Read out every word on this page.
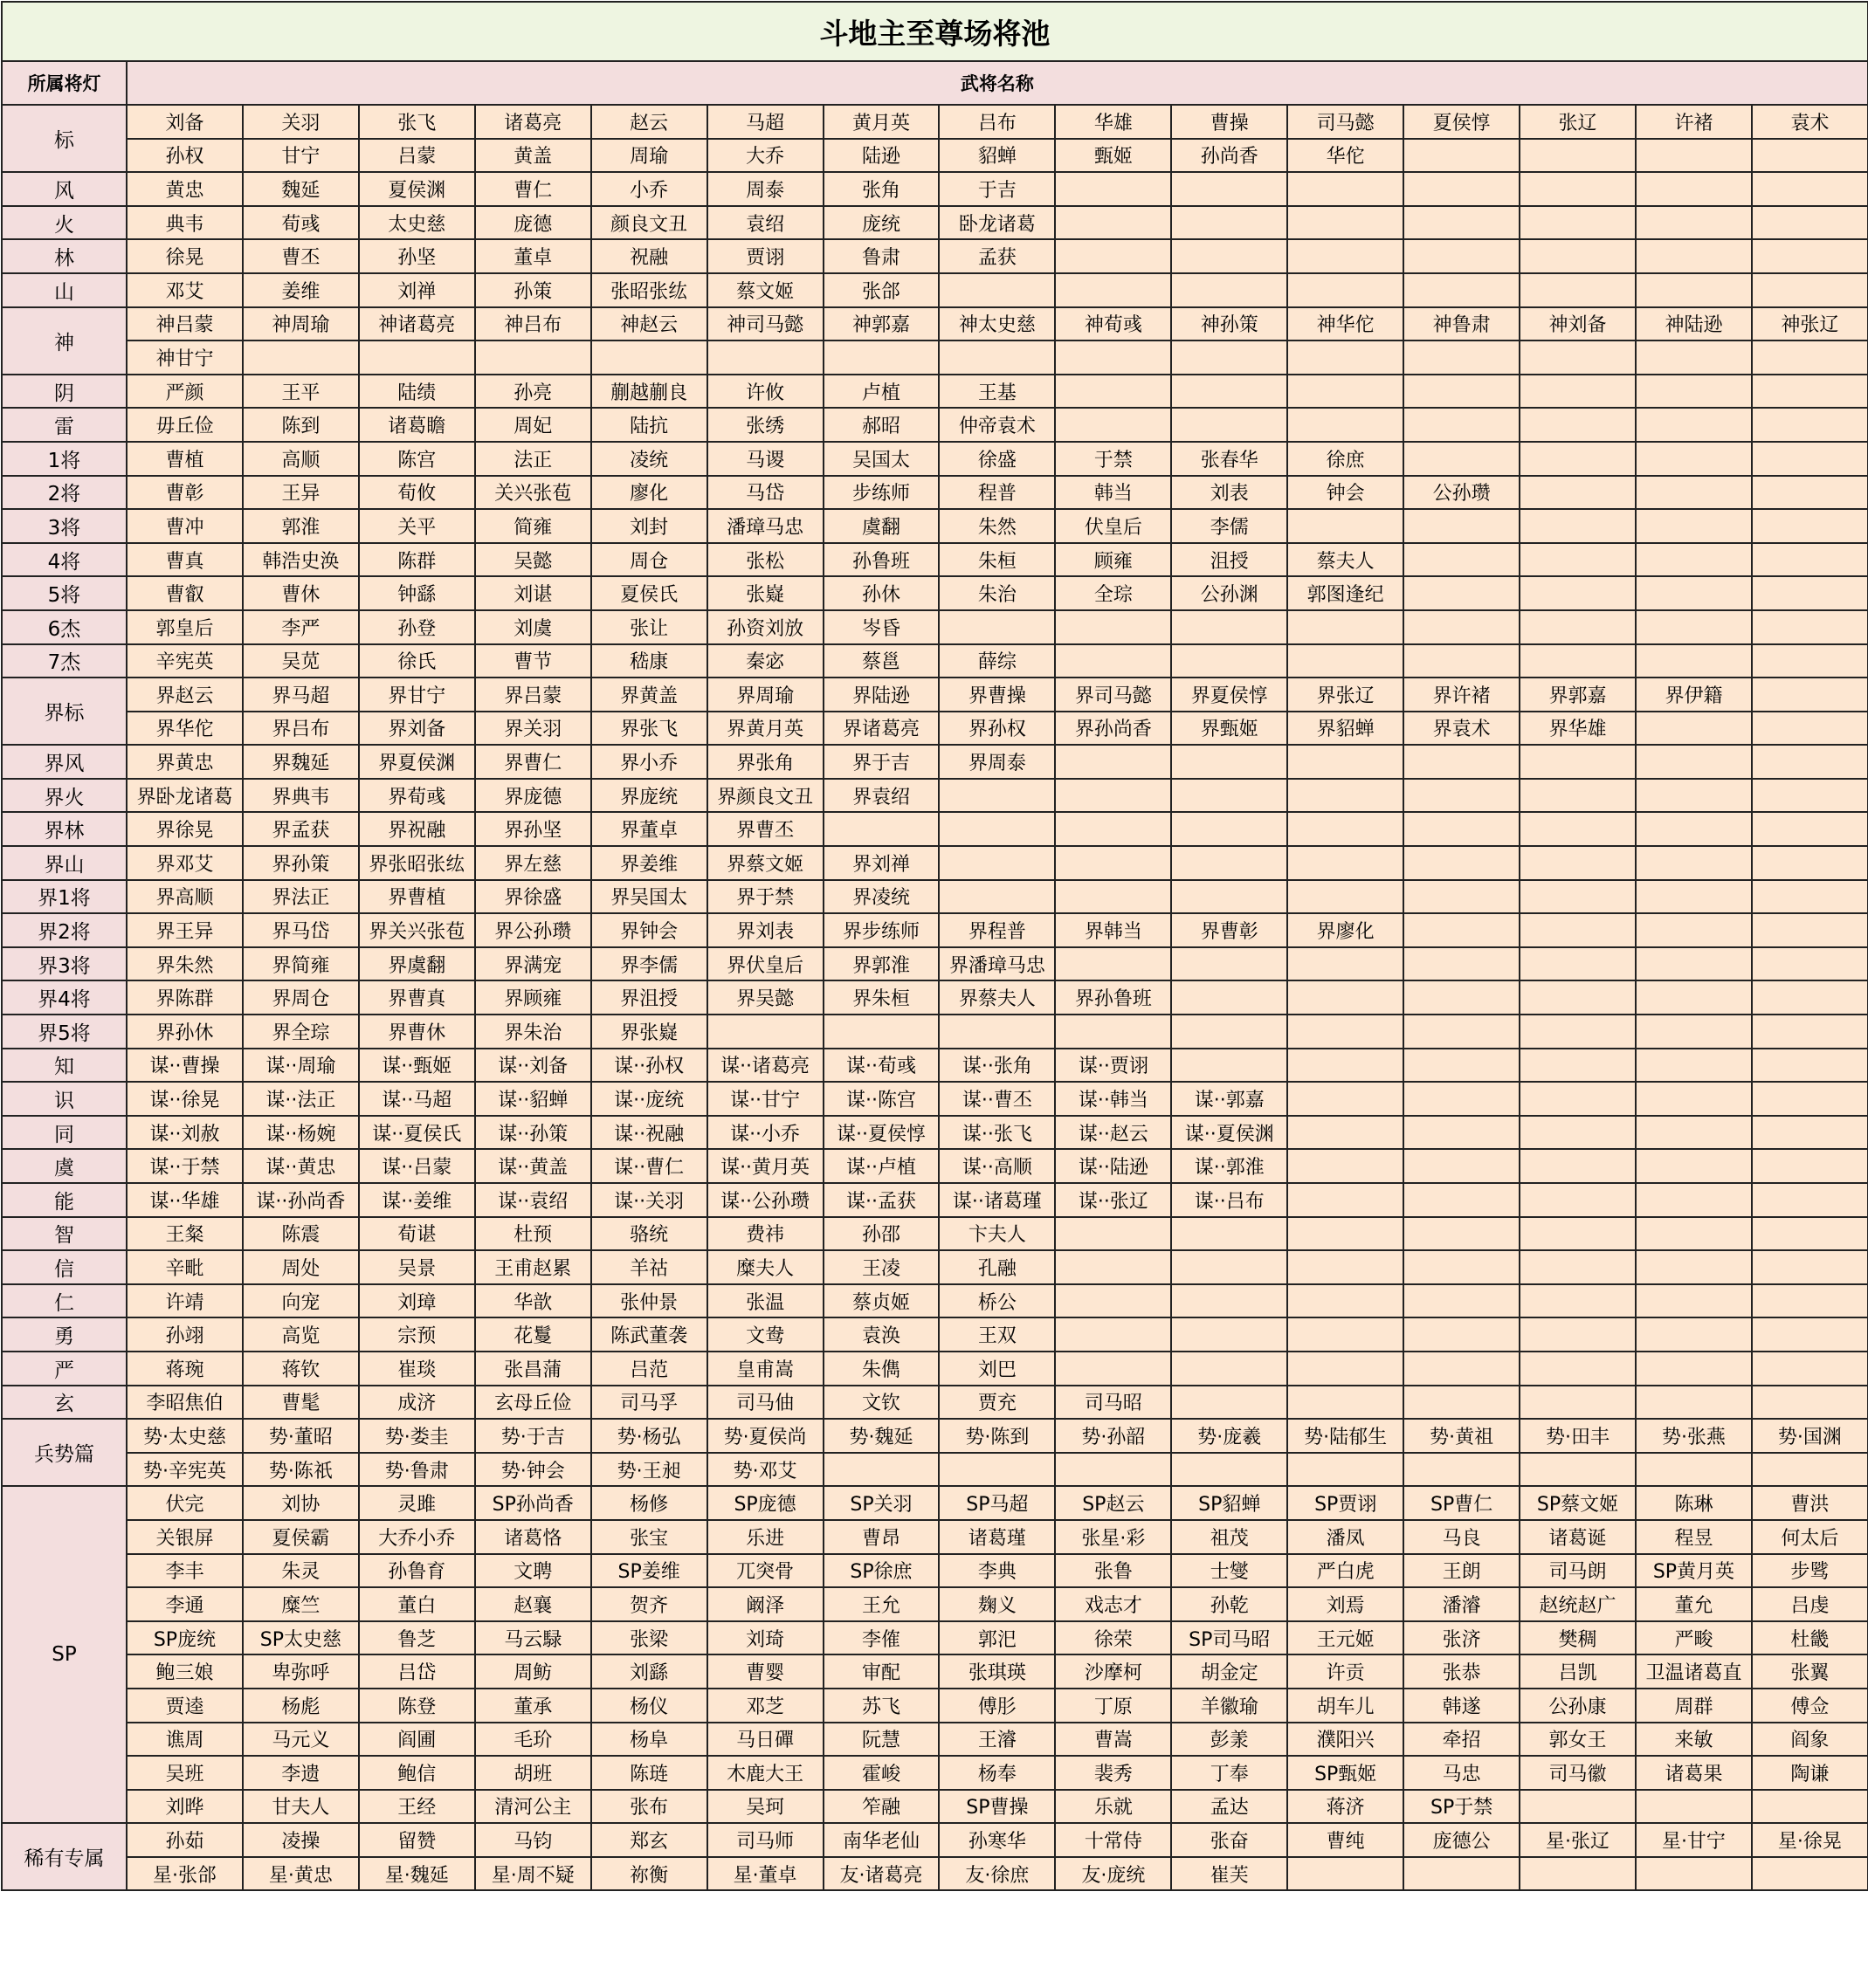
斗地主至尊场将池															
所属将灯	武将名称														
标	刘备	关羽	张飞	诸葛亮	赵云	马超	黄月英	吕布	华雄	曹操	司马懿	夏侯惇	张辽	许褚	袁术
	孙权	甘宁	吕蒙	黄盖	周瑜	大乔	陆逊	貂蝉	甄姬	孙尚香	华佗				
风	黄忠	魏延	夏侯渊	曹仁	小乔	周泰	张角	于吉							
火	典韦	荀彧	太史慈	庞德	颜良文丑	袁绍	庞统	卧龙诸葛							
林	徐晃	曹丕	孙坚	董卓	祝融	贾诩	鲁肃	孟获							
山	邓艾	姜维	刘禅	孙策	张昭张纮	蔡文姬	张郃								
神	神吕蒙	神周瑜	神诸葛亮	神吕布	神赵云	神司马懿	神郭嘉	神太史慈	神荀彧	神孙策	神华佗	神鲁肃	神刘备	神陆逊	神张辽
	神甘宁														
阴	严颜	王平	陆绩	孙亮	蒯越蒯良	许攸	卢植	王基							
雷	毋丘俭	陈到	诸葛瞻	周妃	陆抗	张绣	郝昭	仲帝袁术							
1将	曹植	高顺	陈宫	法正	凌统	马谡	吴国太	徐盛	于禁	张春华	徐庶				
2将	曹彰	王异	荀攸	关兴张苞	廖化	马岱	步练师	程普	韩当	刘表	钟会	公孙瓒			
3将	曹冲	郭淮	关平	简雍	刘封	潘璋马忠	虞翻	朱然	伏皇后	李儒					
4将	曹真	韩浩史涣	陈群	吴懿	周仓	张松	孙鲁班	朱桓	顾雍	沮授	蔡夫人				
5将	曹叡	曹休	钟繇	刘谌	夏侯氏	张嶷	孙休	朱治	全琮	公孙渊	郭图逢纪				
6杰	郭皇后	李严	孙登	刘虞	张让	孙资刘放	岑昏								
7杰	辛宪英	吴苋	徐氏	曹节	嵇康	秦宓	蔡邕	薛综							
界标	界赵云	界马超	界甘宁	界吕蒙	界黄盖	界周瑜	界陆逊	界曹操	界司马懿	界夏侯惇	界张辽	界许褚	界郭嘉	界伊籍	
	界华佗	界吕布	界刘备	界关羽	界张飞	界黄月英	界诸葛亮	界孙权	界孙尚香	界甄姬	界貂蝉	界袁术	界华雄		
界风	界黄忠	界魏延	界夏侯渊	界曹仁	界小乔	界张角	界于吉	界周泰							
界火	界卧龙诸葛	界典韦	界荀彧	界庞德	界庞统	界颜良文丑	界袁绍								
界林	界徐晃	界孟获	界祝融	界孙坚	界董卓	界曹丕									
界山	界邓艾	界孙策	界张昭张纮	界左慈	界姜维	界蔡文姬	界刘禅								
界1将	界高顺	界法正	界曹植	界徐盛	界吴国太	界于禁	界凌统								
界2将	界王异	界马岱	界关兴张苞	界公孙瓒	界钟会	界刘表	界步练师	界程普	界韩当	界曹彰	界廖化				
界3将	界朱然	界简雍	界虞翻	界满宠	界李儒	界伏皇后	界郭淮	界潘璋马忠							
界4将	界陈群	界周仓	界曹真	界顾雍	界沮授	界吴懿	界朱桓	界蔡夫人	界孙鲁班						
界5将	界孙休	界全琮	界曹休	界朱治	界张嶷										
知	谋··曹操	谋··周瑜	谋··甄姬	谋··刘备	谋··孙权	谋··诸葛亮	谋··荀彧	谋··张角	谋··贾诩						
识	谋··徐晃	谋··法正	谋··马超	谋··貂蝉	谋··庞统	谋··甘宁	谋··陈宫	谋··曹丕	谋··韩当	谋··郭嘉					
同	谋··刘赦	谋··杨婉	谋··夏侯氏	谋··孙策	谋··祝融	谋··小乔	谋··夏侯惇	谋··张飞	谋··赵云	谋··夏侯渊					
虞	谋··于禁	谋··黄忠	谋··吕蒙	谋··黄盖	谋··曹仁	谋··黄月英	谋··卢植	谋··高顺	谋··陆逊	谋··郭淮					
能	谋··华雄	谋··孙尚香	谋··姜维	谋··袁绍	谋··关羽	谋··公孙瓒	谋··孟获	谋··诸葛瑾	谋··张辽	谋··吕布					
智	王粲	陈震	荀谌	杜预	骆统	费祎	孙邵	卞夫人							
信	辛毗	周处	吴景	王甫赵累	羊祜	糜夫人	王凌	孔融							
仁	许靖	向宠	刘璋	华歆	张仲景	张温	蔡贞姬	桥公							
勇	孙翊	高览	宗预	花鬘	陈武董袭	文鸯	袁涣	王双							
严	蒋琬	蒋钦	崔琰	张昌蒲	吕范	皇甫嵩	朱儁	刘巴							
玄	李昭焦伯	曹髦	成济	玄母丘俭	司马孚	司马伷	文钦	贾充	司马昭						
兵势篇	势·太史慈	势·董昭	势·娄圭	势·于吉	势·杨弘	势·夏侯尚	势·魏延	势·陈到	势·孙韶	势·庞羲	势·陆郁生	势·黄祖	势·田丰	势·张燕	势·国渊
	势·辛宪英	势·陈祇	势·鲁肃	势·钟会	势·王昶	势·邓艾									
SP	伏完	刘协	灵雎	SP孙尚香	杨修	SP庞德	SP关羽	SP马超	SP赵云	SP貂蝉	SP贾诩	SP曹仁	SP蔡文姬	陈琳	曹洪
	关银屏	夏侯霸	大乔小乔	诸葛恪	张宝	乐进	曹昂	诸葛瑾	张星·彩	祖茂	潘凤	马良	诸葛诞	程昱	何太后
	李丰	朱灵	孙鲁育	文聘	SP姜维	兀突骨	SP徐庶	李典	张鲁	士燮	严白虎	王朗	司马朗	SP黄月英	步骘
	李通	糜竺	董白	赵襄	贺齐	阚泽	王允	麹义	戏志才	孙乾	刘焉	潘濬	赵统赵广	董允	吕虔
	SP庞统	SP太史慈	鲁芝	马云騄	张梁	刘琦	李傕	郭汜	徐荣	SP司马昭	王元姬	张济	樊稠	严畯	杜畿
	鲍三娘	卑弥呼	吕岱	周鲂	刘繇	曹婴	审配	张琪瑛	沙摩柯	胡金定	许贡	张恭	吕凯	卫温诸葛直	张翼
	贾逵	杨彪	陈登	董承	杨仪	邓芝	苏飞	傅肜	丁原	羊徽瑜	胡车儿	韩遂	公孙康	周群	傅佥
	谯周	马元义	阎圃	毛玠	杨阜	马日磾	阮慧	王濬	曹嵩	彭羕	濮阳兴	牵招	郭女王	来敏	阎象
	吴班	李遗	鲍信	胡班	陈琏	木鹿大王	霍峻	杨奉	裴秀	丁奉	SP甄姬	马忠	司马徽	诸葛果	陶谦
	刘晔	甘夫人	王经	清河公主	张布	吴珂	笮融	SP曹操	乐就	孟达	蒋济	SP于禁			
稀有专属	孙茹	凌操	留赞	马钧	郑玄	司马师	南华老仙	孙寒华	十常侍	张奋	曹纯	庞德公	星·张辽	星·甘宁	星·徐晃
	星·张郃	星·黄忠	星·魏延	星·周不疑	祢衡	星·董卓	友·诸葛亮	友·徐庶	友·庞统	崔芙					
